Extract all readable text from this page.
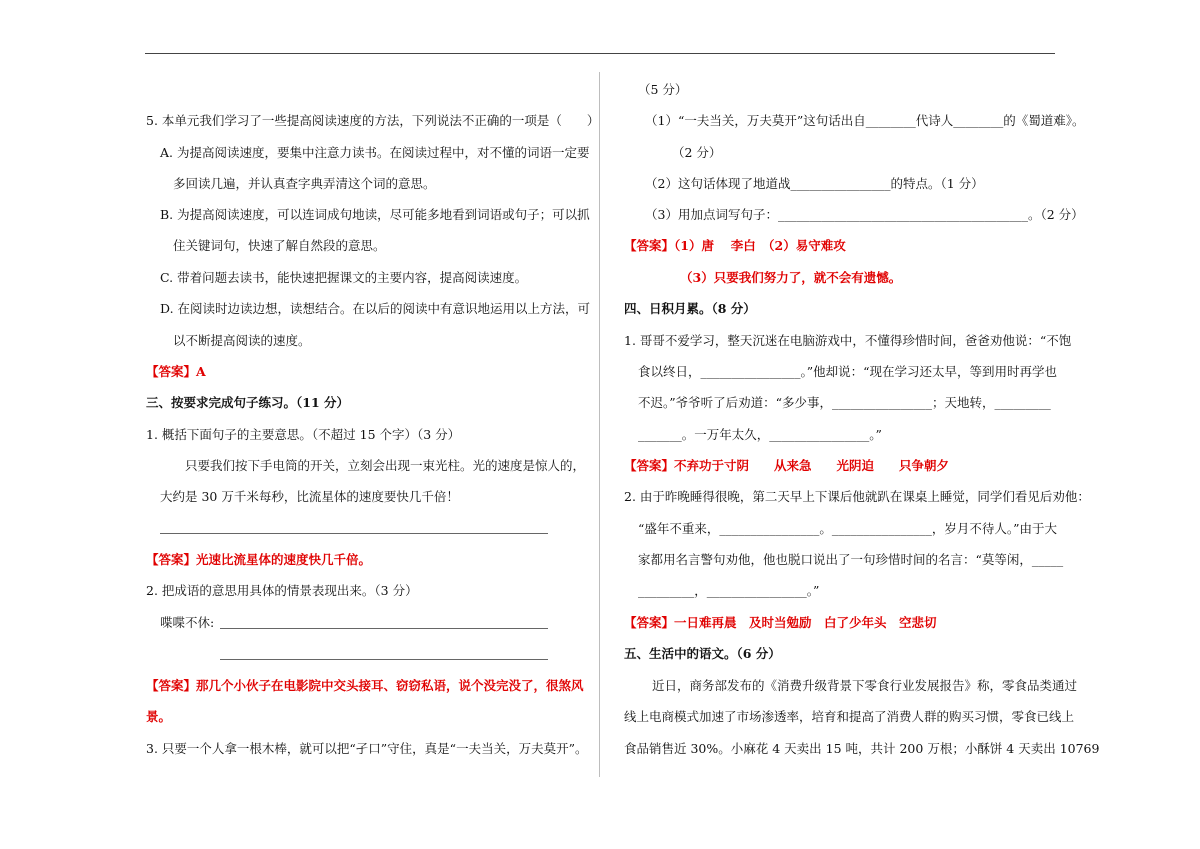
5. 本单元我们学习了一些提高阅读速度的方法，下列说法不正确的一项是（　　）
A. 为提高阅读速度，要集中注意力读书。在阅读过程中，对不懂的词语一定要
多回读几遍，并认真查字典弄清这个词的意思。
B. 为提高阅读速度，可以连词成句地读，尽可能多地看到词语或句子；可以抓
住关键词句，快速了解自然段的意思。
C. 带着问题去读书，能快速把握课文的主要内容，提高阅读速度。
D. 在阅读时边读边想，读想结合。在以后的阅读中有意识地运用以上方法，可
以不断提高阅读的速度。
【答案】A
三、按要求完成句子练习。（11 分）
1. 概括下面句子的主要意思。（不超过 15 个字）（3 分）
只要我们按下手电筒的开关，立刻会出现一束光柱。光的速度是惊人的，
大约是 30 万千米每秒，比流星体的速度要快几千倍！
【答案】光速比流星体的速度快几千倍。
2. 把成语的意思用具体的情景表现出来。（3 分）
喋喋不休:
【答案】那几个小伙子在电影院中交头接耳、窃窃私语，说个没完没了，很煞风
景。
3. 只要一个人拿一根木棒，就可以把“孑口”守住，真是“一夫当关，万夫莫开”。
（5 分）
（1）“一夫当关，万夫莫开”这句话出自________代诗人________的《蜀道难》。
（2 分）
（2）这句话体现了地道战________________的特点。（1 分）
（3）用加点词写句子：________________________________________。（2 分）
【答案】（1）唐　 李白　（2）易守难攻
（3）只要我们努力了，就不会有遗憾。
四、日积月累。（8 分）
1. 哥哥不爱学习，整天沉迷在电脑游戏中，不懂得珍惜时间，爸爸劝他说：“不饱
食以终日，________________。”他却说：“现在学习还太早，等到用时再学也
不迟。”爷爷听了后劝道：“多少事，________________；天地转，_________
_______。一万年太久，________________。”
【答案】不弃功于寸阴　　从来急　　光阴迫　　只争朝夕
2. 由于昨晚睡得很晚，第二天早上下课后他就趴在课桌上睡觉，同学们看见后劝他：
“盛年不重来，________________。________________，岁月不待人。”由于大
家都用名言警句劝他，他也脱口说出了一句珍惜时间的名言：“莫等闲，_____
_________，________________。”
【答案】一日难再晨　及时当勉励　白了少年头　空悲切
五、生活中的语文。（6 分）
近日，商务部发布的《消费升级背景下零食行业发展报告》称，零食品类通过
线上电商模式加速了市场渗透率，培育和提高了消费人群的购买习惯，零食已线上
食品销售近 30%。小麻花 4 天卖出 15 吨，共计 200 万根；小酥饼 4 天卖出 10769
